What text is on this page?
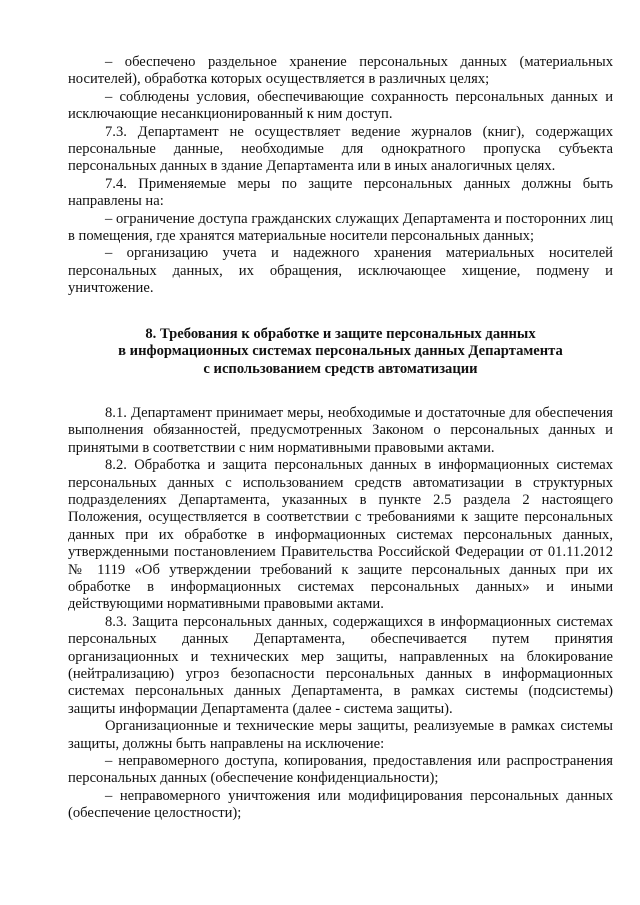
– обеспечено раздельное хранение персональных данных (материальных носителей), обработка которых осуществляется в различных целях;

– соблюдены условия, обеспечивающие сохранность персональных данных и исключающие несанкционированный к ним доступ.

7.3. Департамент не осуществляет ведение журналов (книг), содержащих персональные данные, необходимые для однократного пропуска субъекта персональных данных в здание Департамента или в иных аналогичных целях.

7.4. Применяемые меры по защите персональных данных должны быть направлены на:

– ограничение доступа гражданских служащих Департамента и посторонних лиц в помещения, где хранятся материальные носители персональных данных;

– организацию учета и надежного хранения материальных носителей персональных данных, их обращения, исключающее хищение, подмену и уничтожение.

8. Требования к обработке и защите персональных данных
в информационных системах персональных данных Департамента
с использованием средств автоматизации

8.1. Департамент принимает меры, необходимые и достаточные для обеспечения выполнения обязанностей, предусмотренных Законом о персональных данных и принятыми в соответствии с ним нормативными правовыми актами.

8.2. Обработка и защита персональных данных в информационных системах персональных данных с использованием средств автоматизации в структурных подразделениях Департамента, указанных в пункте 2.5 раздела 2 настоящего Положения, осуществляется в соответствии с требованиями к защите персональных данных при их обработке в информационных системах персональных данных, утвержденными постановлением Правительства Российской Федерации от 01.11.2012 № 1119 «Об утверждении требований к защите персональных данных при их обработке в информационных системах персональных данных» и иными действующими нормативными правовыми актами.

8.3. Защита персональных данных, содержащихся в информационных системах персональных данных Департамента, обеспечивается путем принятия организационных и технических мер защиты, направленных на блокирование (нейтрализацию) угроз безопасности персональных данных в информационных системах персональных данных Департамента, в рамках системы (подсистемы) защиты информации Департамента (далее - система защиты).

Организационные и технические меры защиты, реализуемые в рамках системы защиты, должны быть направлены на исключение:

– неправомерного доступа, копирования, предоставления или распространения персональных данных (обеспечение конфиденциальности);

– неправомерного уничтожения или модифицирования персональных данных (обеспечение целостности);
